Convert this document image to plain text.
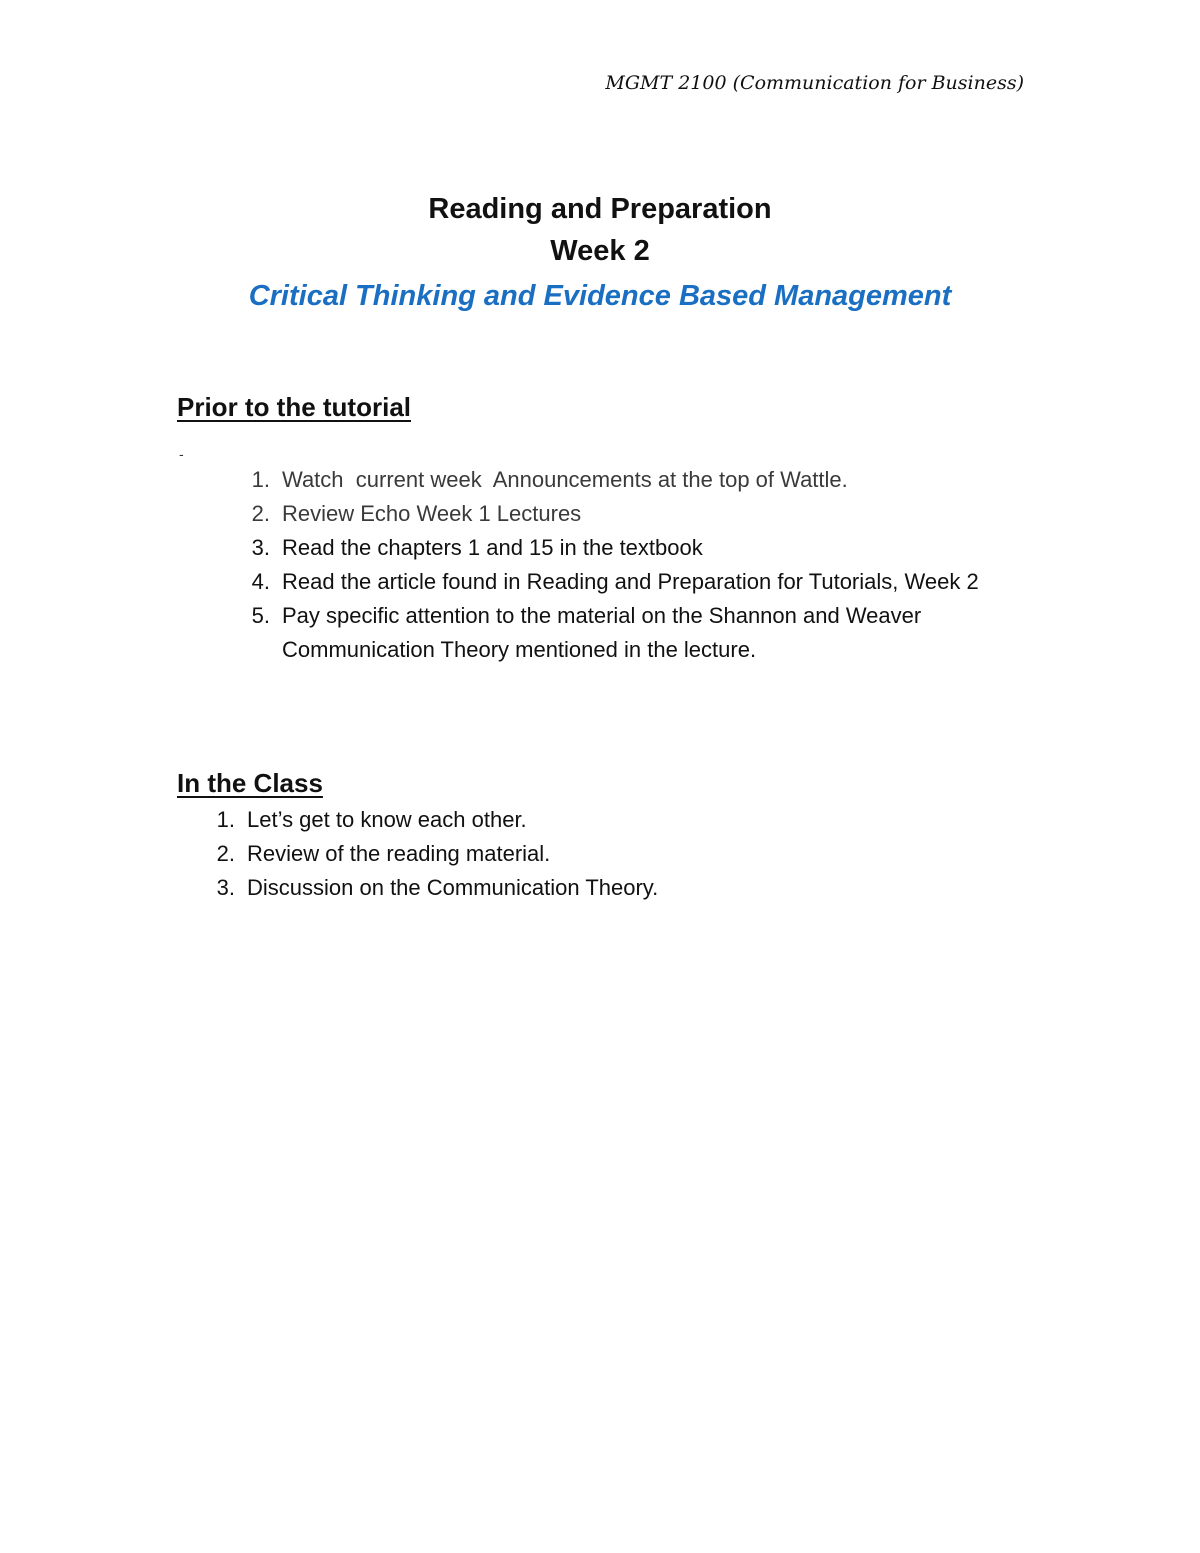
MGMT 2100 (Communication for Business)
Reading and Preparation
Week 2
Critical Thinking and Evidence Based Management
Prior to the tutorial
-
1. Watch  current week  Announcements at the top of Wattle.
2. Review Echo Week 1 Lectures
3. Read the chapters 1 and 15 in the textbook
4. Read the article found in Reading and Preparation for Tutorials, Week 2
5. Pay specific attention to the material on the Shannon and Weaver Communication Theory mentioned in the lecture.
In the Class
1. Let’s get to know each other.
2. Review of the reading material.
3. Discussion on the Communication Theory.
